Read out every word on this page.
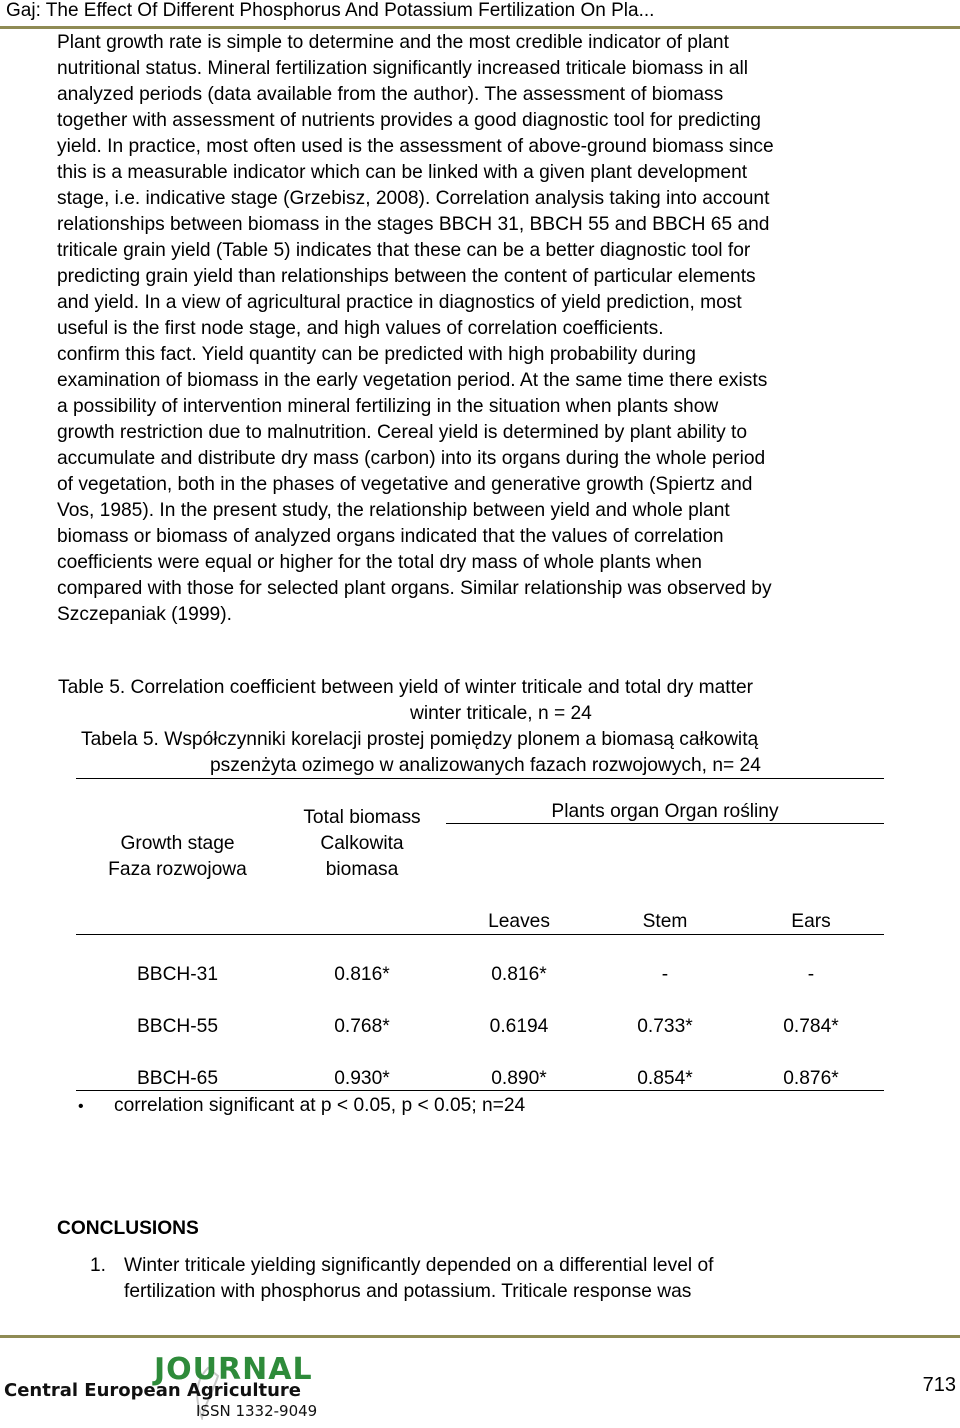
Gaj: The Effect Of Different Phosphorus And Potassium Fertilization On Pla...

Plant growth rate is simple to determine and the most credible indicator of plant
nutritional status. Mineral fertilization significantly increased triticale biomass in all
analyzed periods (data available from the author). The assessment of biomass
together with assessment of nutrients provides a good diagnostic tool for predicting
yield. In practice, most often used is the assessment of above-ground biomass since
this is a measurable indicator which can be linked with a given plant development
stage, i.e. indicative stage (Grzebisz, 2008). Correlation analysis taking into account
relationships between biomass in the stages BBCH 31, BBCH 55 and BBCH 65 and
triticale grain yield (Table 5) indicates that these can be a better diagnostic tool for
predicting grain yield than relationships between the content of particular elements
and yield. In a view of agricultural practice in diagnostics of yield prediction, most
useful is the first node stage, and high values of correlation coefficients.
confirm this fact. Yield quantity can be predicted with high probability during
examination of biomass in the early vegetation period. At the same time there exists
a possibility of intervention mineral fertilizing in the situation when plants show
growth restriction due to malnutrition. Cereal yield is determined by plant ability to
accumulate and distribute dry mass (carbon) into its organs during the whole period
of vegetation, both in the phases of vegetative and generative growth (Spiertz and
Vos, 1985). In the present study, the relationship between yield and whole plant
biomass or biomass of analyzed organs indicated that the values of correlation
coefficients were equal or higher for the total dry mass of whole plants when
compared with those for selected plant organs. Similar relationship was observed by
Szczepaniak (1999).

Table 5. Correlation coefficient between yield of winter triticale and total dry matter
winter triticale, n = 24
Tabela 5. Współczynniki korelacji prostej pomiędzy plonem a biomasą całkowitą
pszenżyta ozimego w analizowanych fazach rozwojowych, n= 24
Growth stage
Faza rozwojowa
Total biomass
Calkowita
biomasa
Plants organ Organ rośliny
Leaves	Stem	Ears
BBCH-31	0.816*	0.816*	-	-
BBCH-55	0.768*	0.6194	0.733*	0.784*
BBCH-65	0.930*	0.890*	0.854*	0.876*
• correlation significant at p < 0.05, p < 0.05; n=24
CONCLUSIONS
1. Winter triticale yielding significantly depended on a differential level of
fertilization with phosphorus and potassium. Triticale response was
JOURNAL
Central European Agriculture
ISSN 1332-9049
713
